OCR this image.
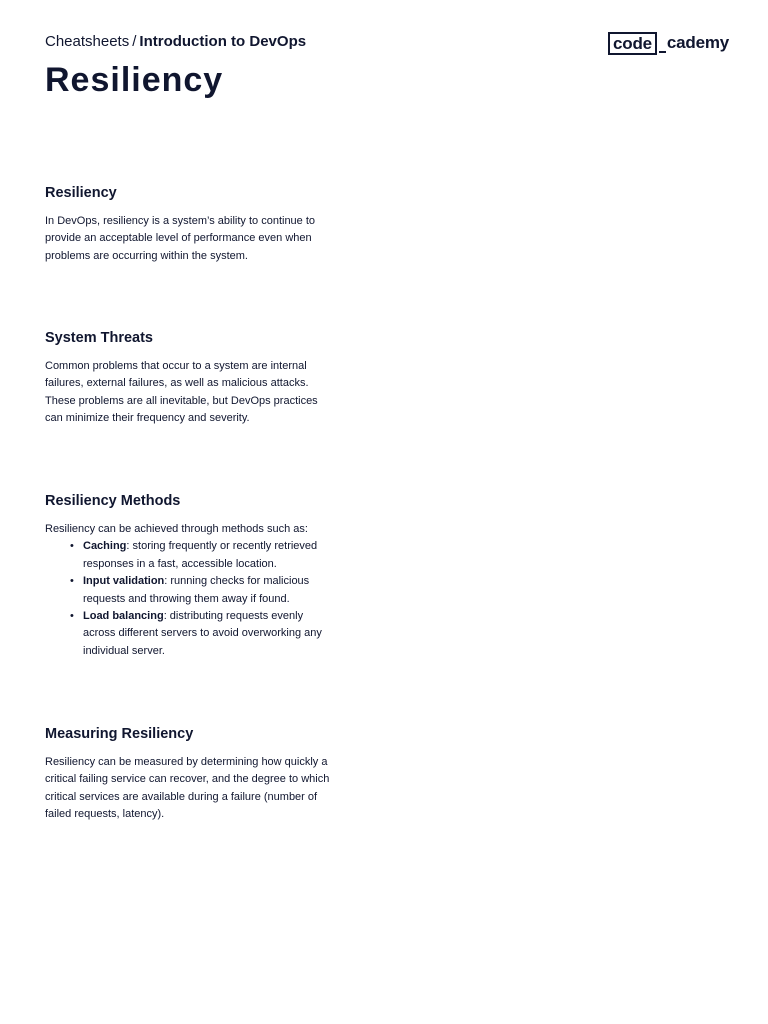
Cheatsheets / Introduction to DevOps	code cademy
Resiliency
Resiliency

In DevOps, resiliency is a system’s ability to continue to provide an acceptable level of performance even when problems are occurring within the system.

System Threats

Common problems that occur to a system are internal failures, external failures, as well as malicious attacks. These problems are all inevitable, but DevOps practices can minimize their frequency and severity.

Resiliency Methods

Resiliency can be achieved through methods such as:

• Caching: storing frequently or recently retrieved responses in a fast, accessible location.
• Input validation: running checks for malicious requests and throwing them away if found.
• Load balancing: distributing requests evenly across different servers to avoid overworking any individual server.
Measuring Resiliency

Resiliency can be measured by determining how quickly a critical failing service can recover, and the degree to which critical services are available during a failure (number of failed requests, latency).
